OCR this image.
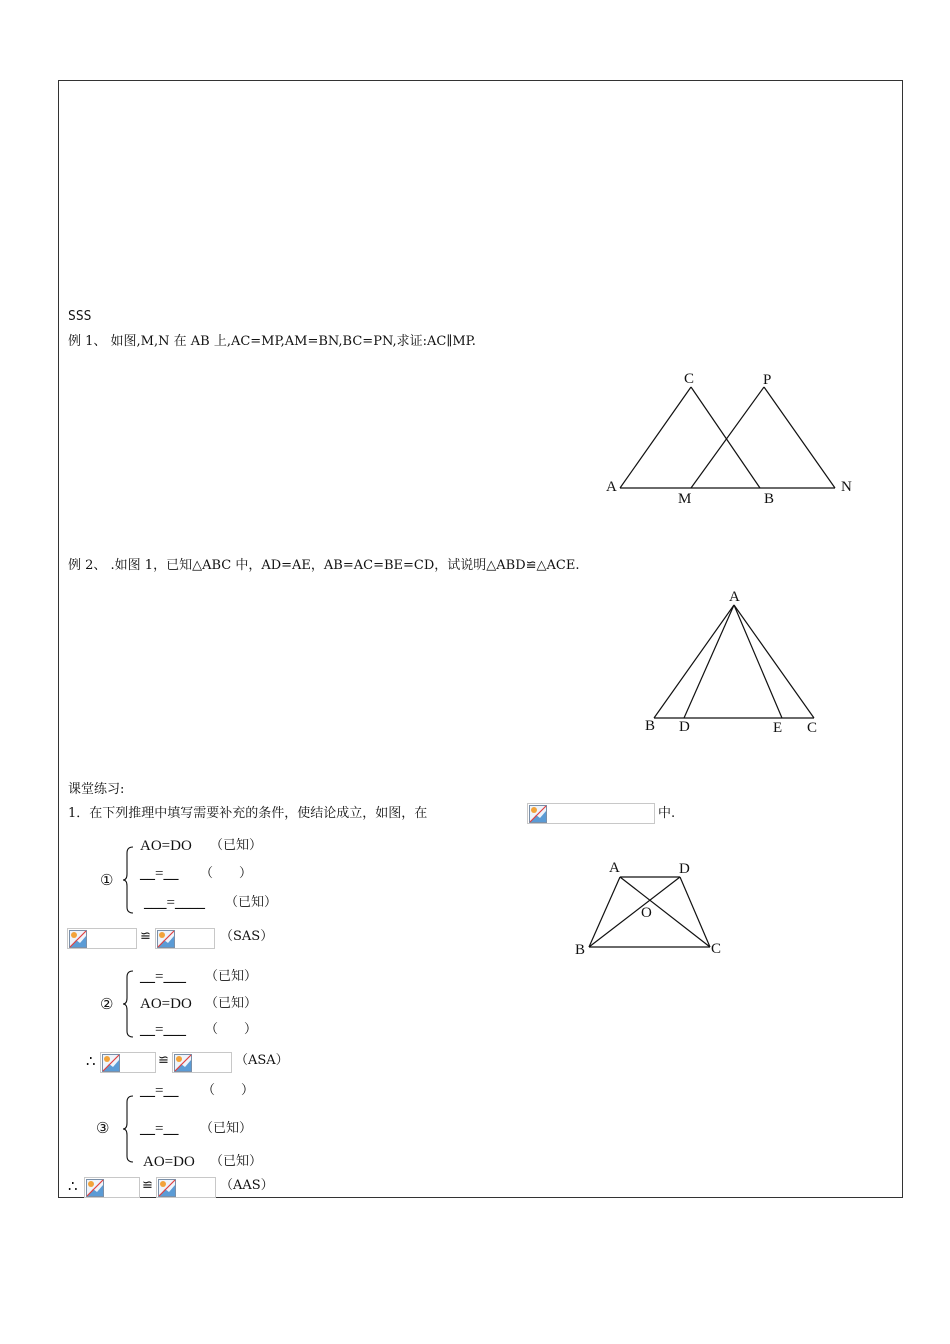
SSS
例 1、 如图,M,N 在 AB 上,AC=MP,AM=BN,BC=PN,求证:AC∥MP.
C	P
A
M	B
N
例 2、 .如图 1，已知△ABC 中，AD=AE，AB=AC=BE=CD，试说明△ABD≌△ACE.
A
B D	E C
课堂练习:
1．在下列推理中填写需要补充的条件，使结论成立，如图，在	中.
A	D
O
B	C
①
AO=DO （已知）
__=__ （　　）
___=____ （已知）
≌	（SAS）
②
__=___ （已知）
AO=DO （已知）
__=___ （　　）
∴	≌	（ASA）
③
__=__ （　　）
__=__ （已知）
AO=DO （已知）
∴	≌	（AAS）
